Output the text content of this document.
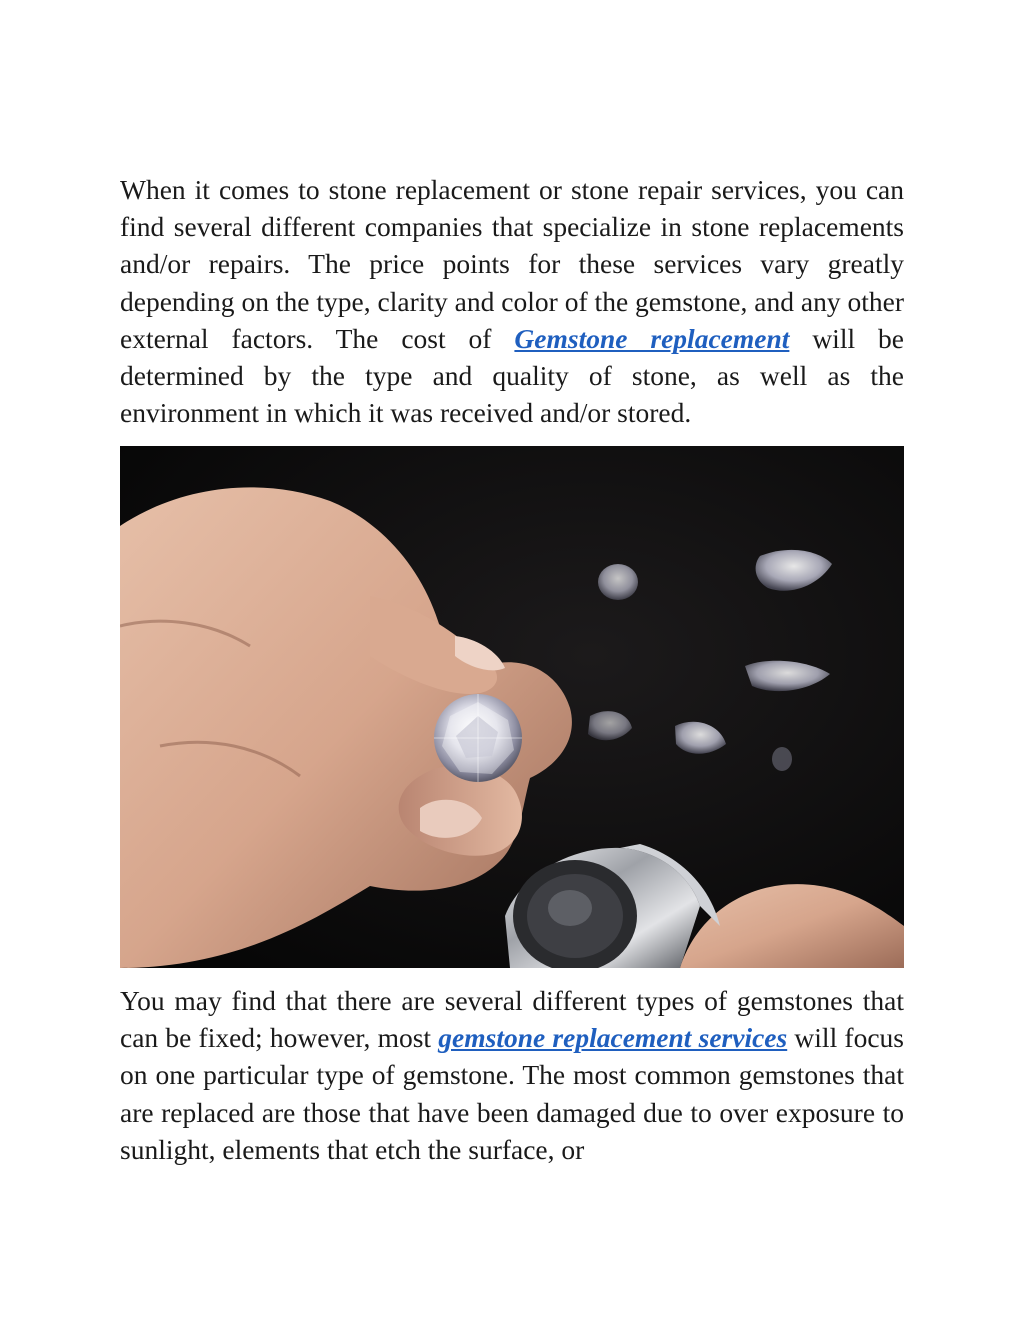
When it comes to stone replacement or stone repair services, you can find several different companies that specialize in stone replacements and/or repairs. The price points for these services vary greatly depending on the type, clarity and color of the gemstone, and any other external factors. The cost of Gemstone replacement will be determined by the type and quality of stone, as well as the environment in which it was received and/or stored.

You may find that there are several different types of gemstones that can be fixed; however, most gemstone replacement services will focus on one particular type of gemstone. The most common gemstones that are replaced are those that have been damaged due to over exposure to sunlight, elements that etch the surface, or
